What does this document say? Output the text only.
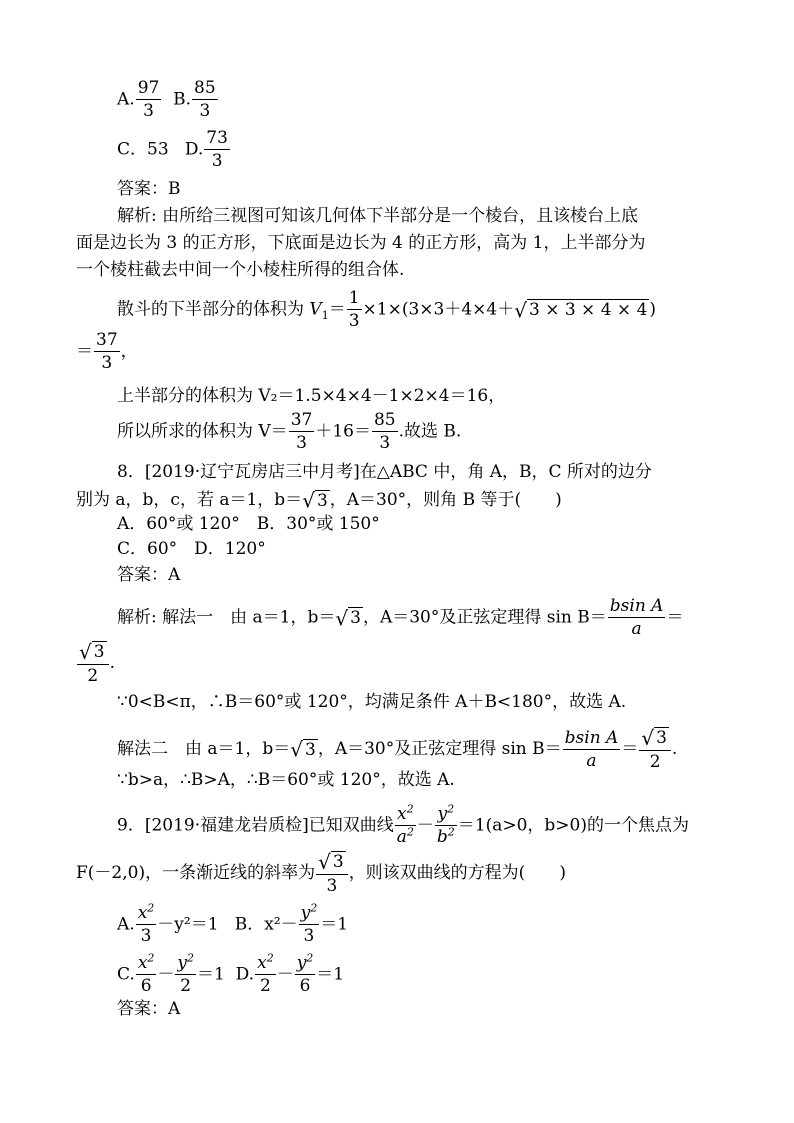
A. $\frac{97}{3} B$. $\frac{85}{3}$
C．53 D. $\frac{73}{3}$
答案：B
解析: 由所给三视图可知该几何体下半部分是一个棱台，且该棱台上底
面是边长为 3 的正方形，下底面是边长为 4 的正方形，高为 1，上半部分为
一个棱柱截去中间一个小棱柱所得的组合体.
散斗的下半部分的体积为 $V_1= \frac{1}{3} \times 1\times(3\times 3+4\times 4+√$ 3 × 3 × 4 × 4 )
＝ $\frac{37}{3}$ ，
上半部分的体积为 V₂＝1.5×4×4－1×2×4＝16，
所以所求的体积为 $V= \frac{37}{3} +16= \frac{85}{3}$ .故选 B.
8．[2019·辽宁瓦房店三中月考]在△ABC 中，角 A，B，C 所对的边分
别为 a，b，c，若 a＝1，b＝√ 3 ，A＝30°，则角 B 等于(　　)
A．60°或 120°　B．30°或 150°
C．60°　D．120°
答案：A
解析: 解法一　由 a＝1，b＝√ 3 ，A＝30°及正弦定理得 $\sin B= \frac{\text{bsin A}}{a}$ ＝
$\frac{√ 3}{2}$ .
∵0<B<π，∴B＝60°或 120°，均满足条件 A＋B<180°，故选 A.
解法二　由 a＝1，b＝√ 3 ，A＝30°及正弦定理得 $\sin B= \frac{\text{bsin A}}{a} = \frac{√ 3}{2}$ .
∵b>a，∴B>A，∴B＝60°或 120°，故选 A.
9．[2019·福建龙岩质检]已知双曲线 $\frac{x^2}{a^2} - \frac{y^2}{b^2} =1(a>0$，b>0)的一个焦点为
F(－2,0)，一条渐近线的斜率为 $\frac{√ 3}{3}$ ，则该双曲线的方程为(　　)
A. $\frac{x^2}{3} -y^2=1$ B．$x^2- \frac{y^2}{3} =1$
C. $\frac{x^2}{6} - \frac{y^2}{2} =1$ D. $\frac{x^2}{2} - \frac{y^2}{6} =1$
答案：A
